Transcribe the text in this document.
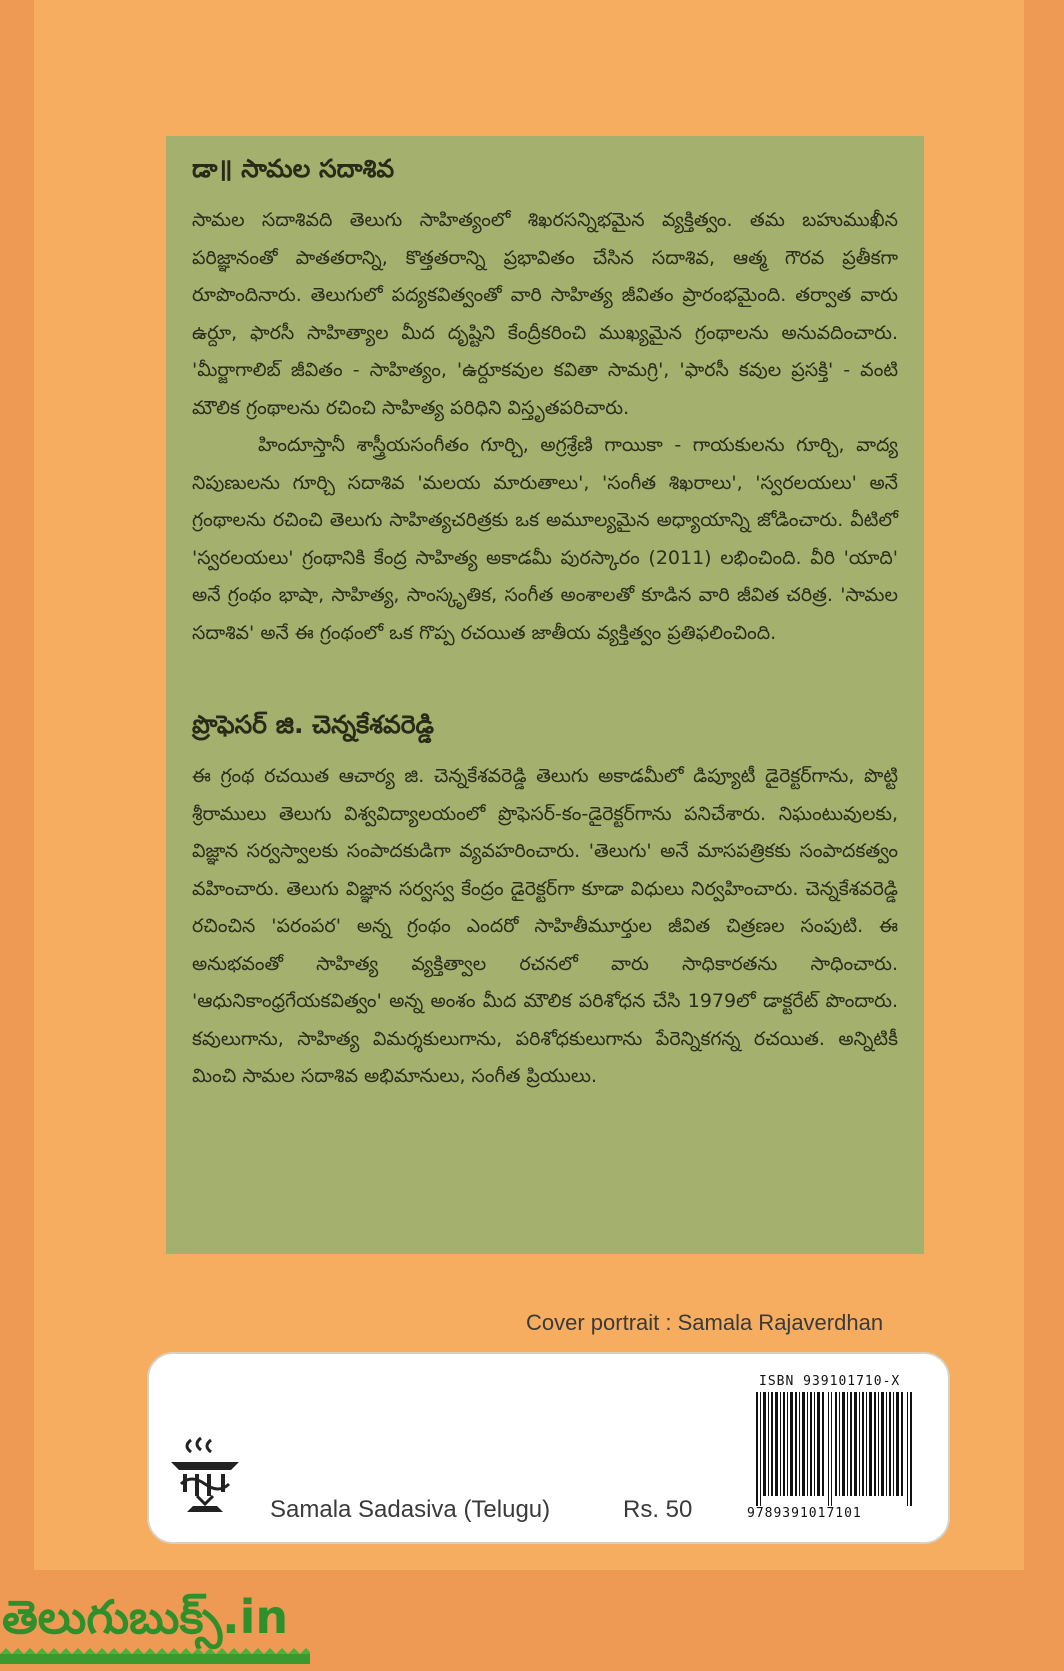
డా॥ సామల సదాశివ

సామల సదాశివది తెలుగు సాహిత్యంలో శిఖరసన్నిభమైన వ్యక్తిత్వం. తమ బహుముఖీన పరిజ్ఞానంతో పాతతరాన్ని, కొత్తతరాన్ని ప్రభావితం చేసిన సదాశివ, ఆత్మ గౌరవ ప్రతీకగా రూపొందినారు. తెలుగులో పద్యకవిత్వంతో వారి సాహిత్య జీవితం ప్రారంభమైంది. తర్వాత వారు ఉర్దూ, ఫారసీ సాహిత్యాల మీద దృష్టిని కేంద్రీకరించి ముఖ్యమైన గ్రంథాలను అనువదించారు. 'మీర్జాగాలిబ్ జీవితం - సాహిత్యం, 'ఉర్దూకవుల కవితా సామగ్రి', 'ఫారసీ కవుల ప్రసక్తి' - వంటి మౌలిక గ్రంథాలను రచించి సాహిత్య పరిధిని విస్తృతపరిచారు.

హిందూస్తానీ శాస్త్రీయసంగీతం గూర్చి, అగ్రశ్రేణి గాయికా - గాయకులను గూర్చి, వాద్య నిపుణులను గూర్చి సదాశివ 'మలయ మారుతాలు', 'సంగీత శిఖరాలు', 'స్వరలయలు' అనే గ్రంథాలను రచించి తెలుగు సాహిత్యచరిత్రకు ఒక అమూల్యమైన అధ్యాయాన్ని జోడించారు. వీటిలో 'స్వరలయలు' గ్రంథానికి కేంద్ర సాహిత్య అకాడమీ పురస్కారం (2011) లభించింది. వీరి 'యాది' అనే గ్రంథం భాషా, సాహిత్య, సాంస్కృతిక, సంగీత అంశాలతో కూడిన వారి జీవిత చరిత్ర. 'సామల సదాశివ' అనే ఈ గ్రంథంలో ఒక గొప్ప రచయిత జాతీయ వ్యక్తిత్వం ప్రతిఫలించింది.

ప్రొఫెసర్ జి. చెన్నకేశవరెడ్డి

ఈ గ్రంథ రచయిత ఆచార్య జి. చెన్నకేశవరెడ్డి తెలుగు అకాడమీలో డిప్యూటీ డైరెక్టర్‌గాను, పొట్టి శ్రీరాములు తెలుగు విశ్వవిద్యాలయంలో ప్రొఫెసర్-కం-డైరెక్టర్‌గాను పనిచేశారు. నిఘంటువులకు, విజ్ఞాన సర్వస్వాలకు సంపాదకుడిగా వ్యవహరించారు. 'తెలుగు' అనే మాసపత్రికకు సంపాదకత్వం వహించారు. తెలుగు విజ్ఞాన సర్వస్వ కేంద్రం డైరెక్టర్‌గా కూడా విధులు నిర్వహించారు. చెన్నకేశవరెడ్డి రచించిన 'పరంపర' అన్న గ్రంథం ఎందరో సాహితీమూర్తుల జీవిత చిత్రణల సంపుటి. ఈ అనుభవంతో సాహిత్య వ్యక్తిత్వాల రచనలో వారు సాధికారతను సాధించారు. 'ఆధునికాంధ్రగేయకవిత్వం' అన్న అంశం మీద మౌలిక పరిశోధన చేసి 1979లో డాక్టరేట్ పొందారు. కవులుగాను, సాహిత్య విమర్శకులుగాను, పరిశోధకులుగాను పేరెన్నికగన్న రచయిత. అన్నిటికీ మించి సామల సదాశివ అభిమానులు, సంగీత ప్రియులు.

Cover portrait : Samala Rajaverdhan
Samala Sadasiva (Telugu)	Rs. 50
ISBN 939101710-X
9789391017101
తెలుగుబుక్స్.in
